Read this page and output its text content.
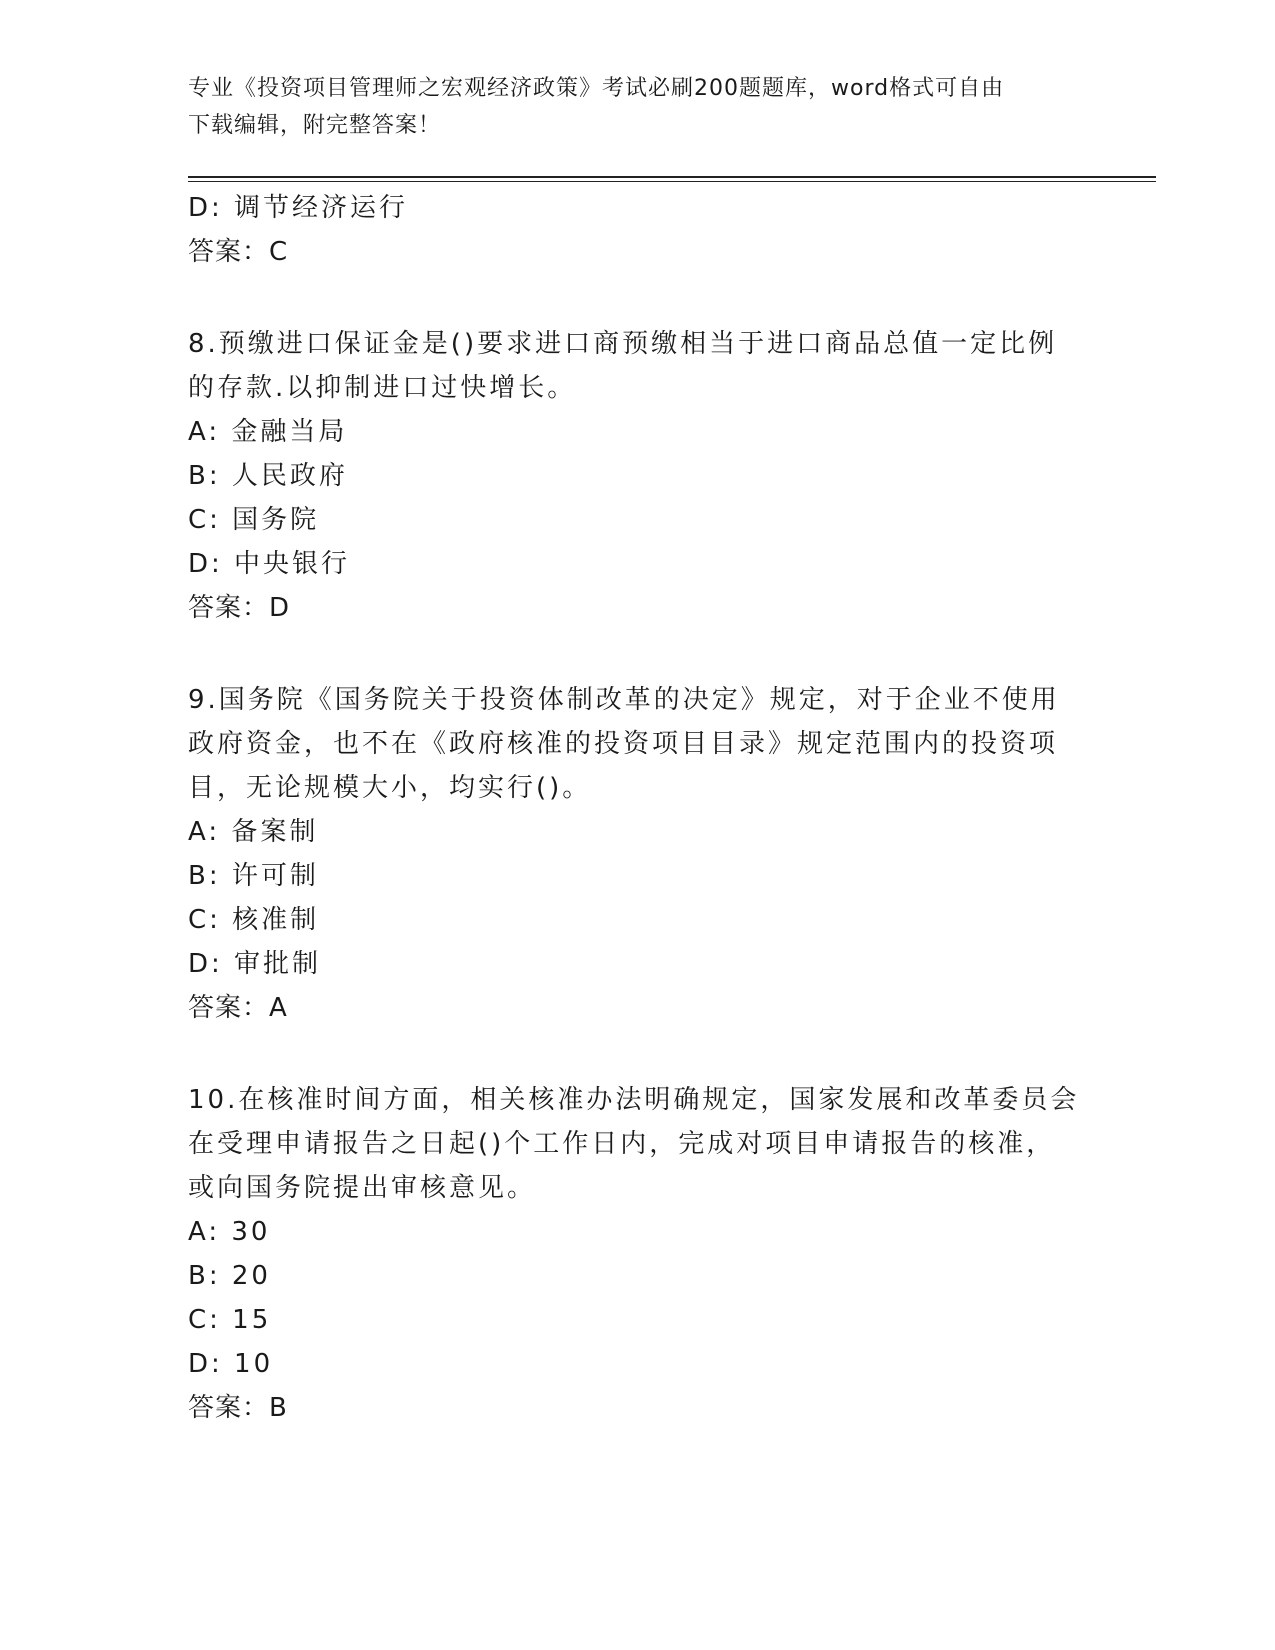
专业《投资项目管理师之宏观经济政策》考试必刷200题题库，word格式可自由
下载编辑，附完整答案！
D: 调节经济运行
答案：C
8.预缴进口保证金是()要求进口商预缴相当于进口商品总值一定比例
的存款.以抑制进口过快增长。
A: 金融当局
B: 人民政府
C: 国务院
D: 中央银行
答案：D
9.国务院《国务院关于投资体制改革的决定》规定，对于企业不使用
政府资金，也不在《政府核准的投资项目目录》规定范围内的投资项
目，无论规模大小，均实行()。
A: 备案制
B: 许可制
C: 核准制
D: 审批制
答案：A
10.在核准时间方面，相关核准办法明确规定，国家发展和改革委员会
在受理申请报告之日起()个工作日内，完成对项目申请报告的核准，
或向国务院提出审核意见。
A: 30
B: 20
C: 15
D: 10
答案：B
